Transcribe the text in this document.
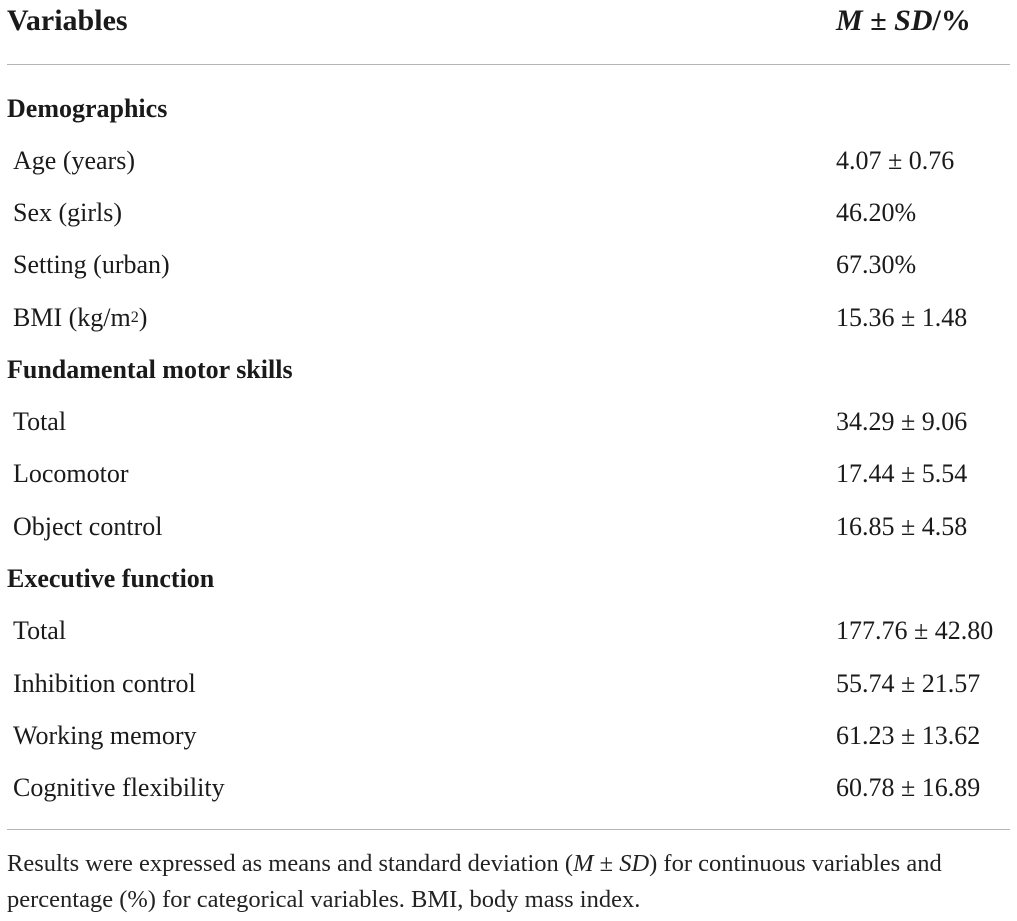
Variables	M ± SD/%
Demographics
Age (years)	4.07 ± 0.76
Sex (girls)	46.20%
Setting (urban)	67.30%
BMI $(kg/m^2)$	15.36 ± 1.48
Fundamental motor skills
Total	34.29 ± 9.06
Locomotor	17.44 ± 5.54
Object control	16.85 ± 4.58
Executive function
Total	177.76 ± 42.80
Inhibition control	55.74 ± 21.57
Working memory	61.23 ± 13.62
Cognitive flexibility	60.78 ± 16.89
Results were expressed as means and standard deviation (M ± SD) for continuous variables and percentage (%) for categorical variables. BMI, body mass index.
